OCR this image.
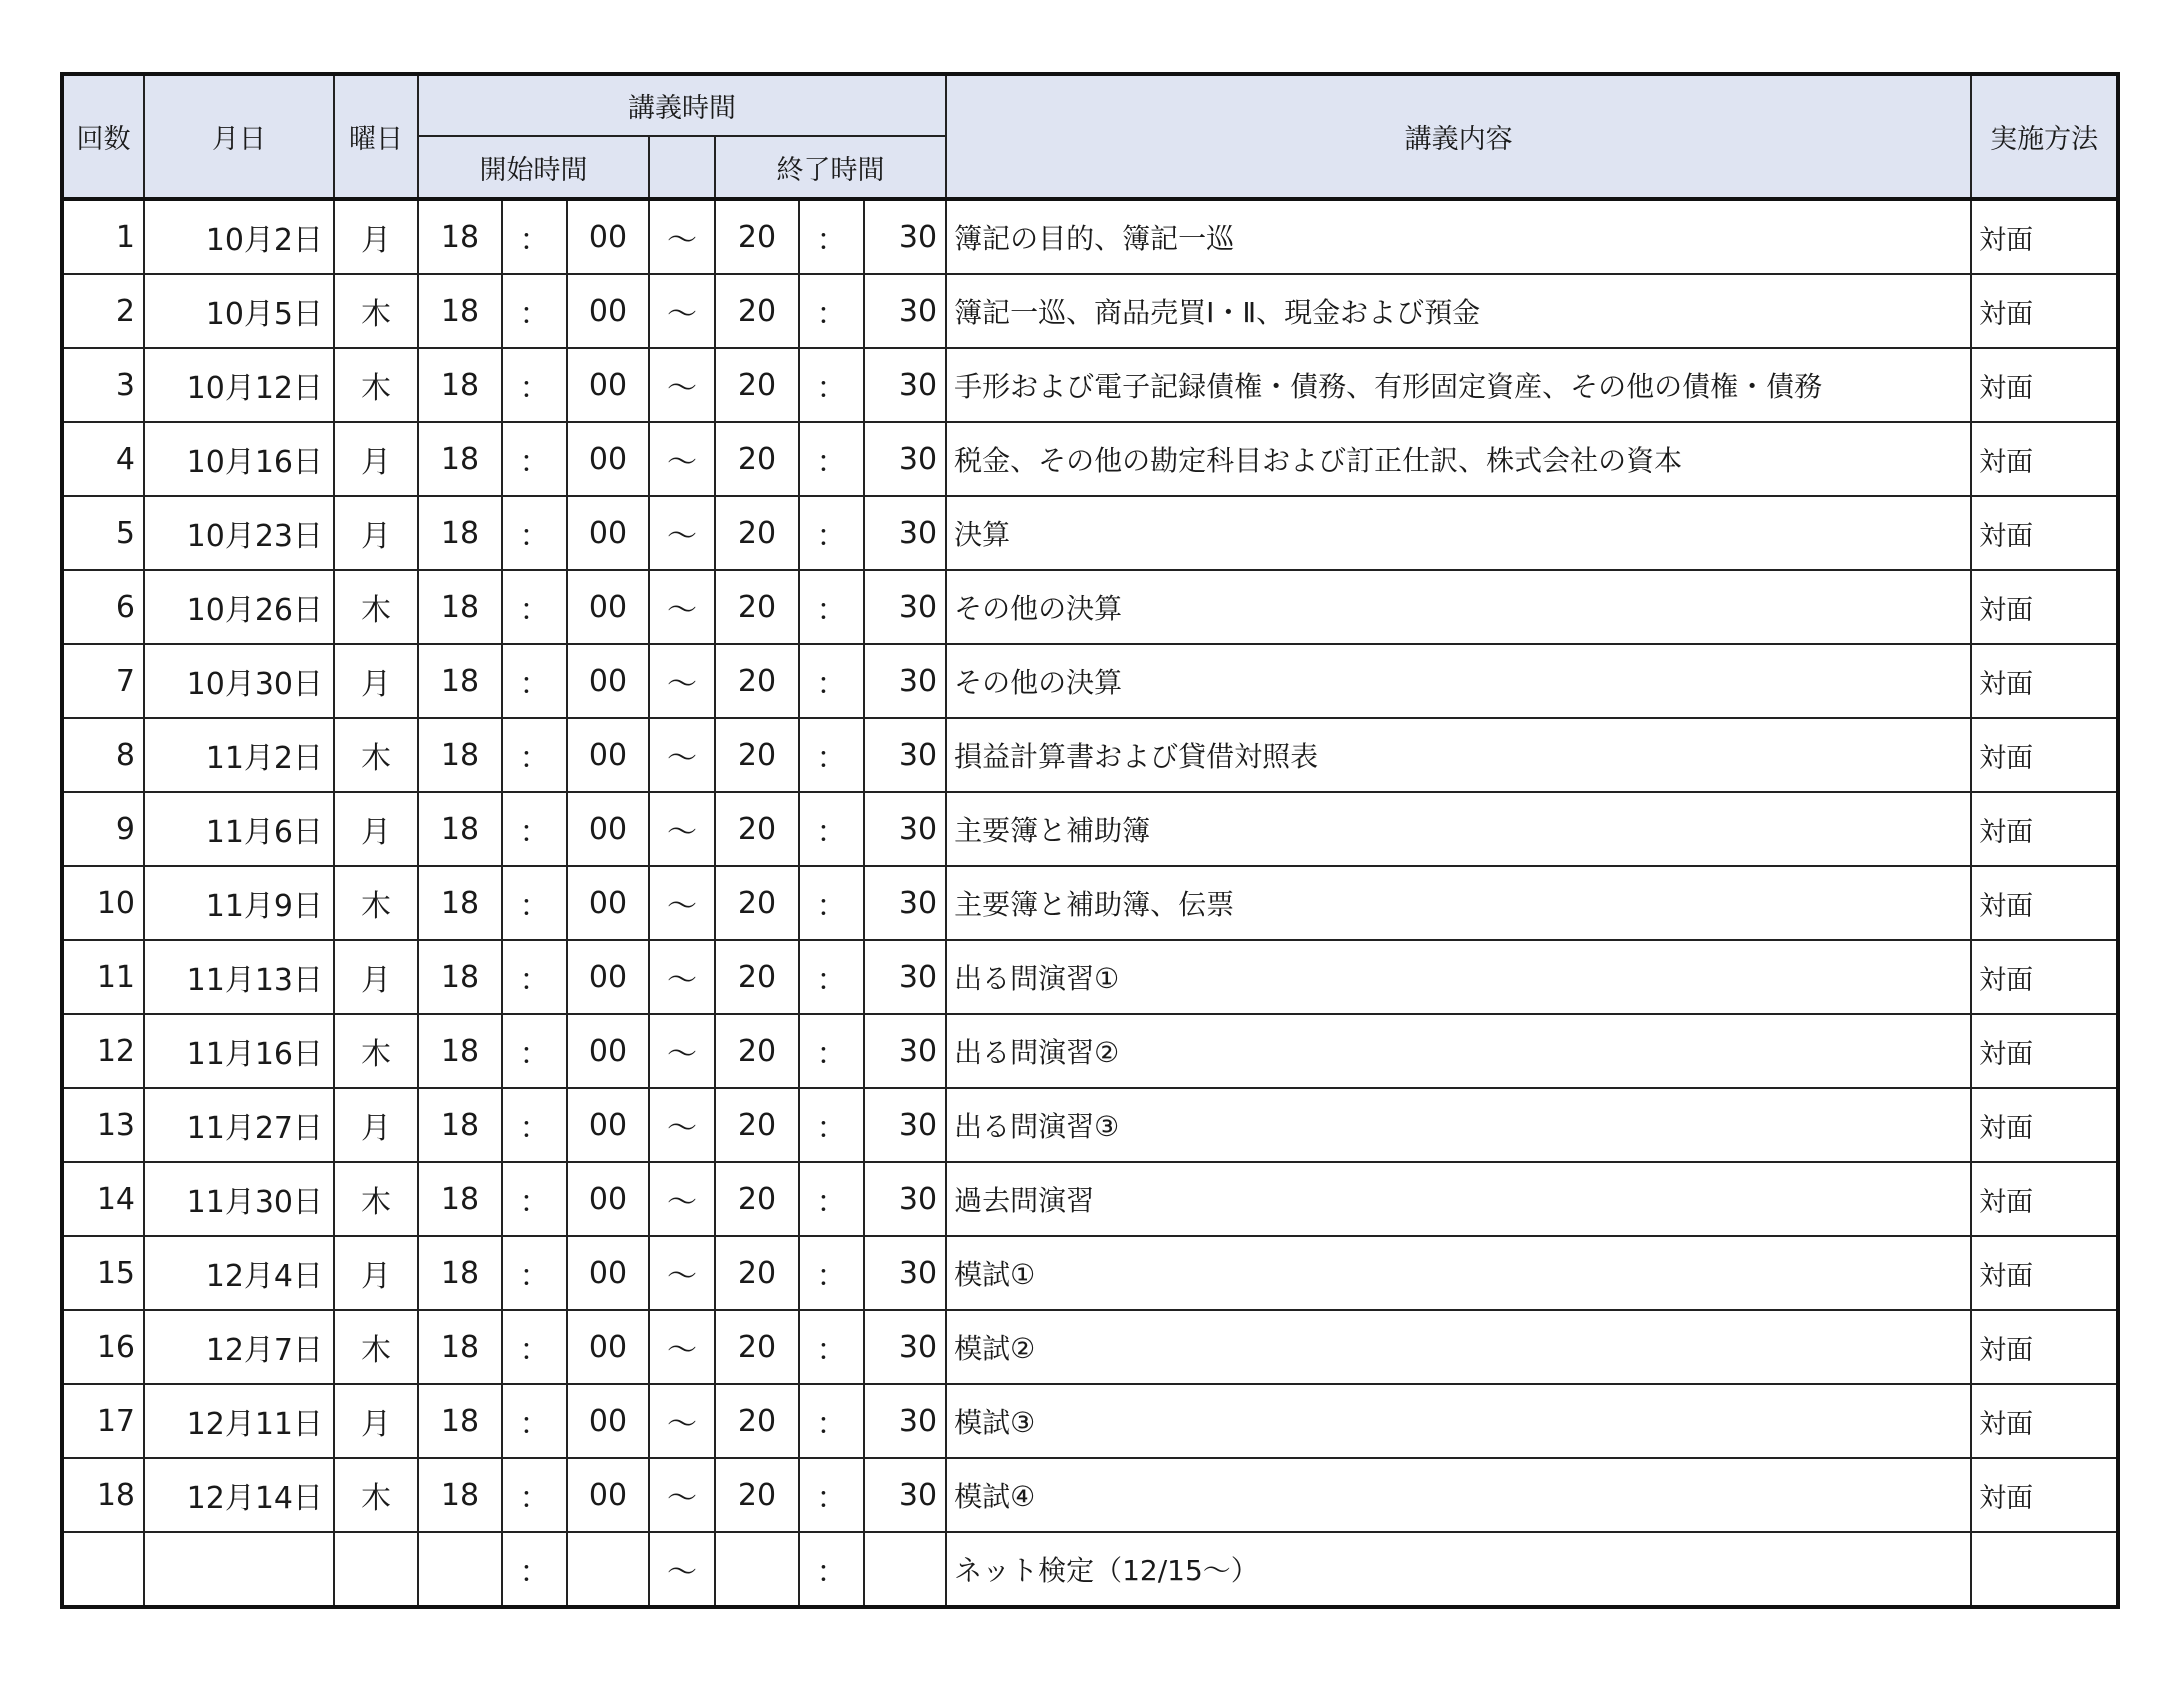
回数	月日	曜日	講義時間							講義内容	実施方法
			開始時間				終了時間				
1	10月2日	月	18	：	00	～	20	：	30	簿記の目的、簿記一巡	対面
2	10月5日	木	18	：	00	～	20	：	30	簿記一巡、商品売買Ⅰ・Ⅱ、現金および預金	対面
3	10月12日	木	18	：	00	～	20	：	30	手形および電子記録債権・債務、有形固定資産、その他の債権・債務	対面
4	10月16日	月	18	：	00	～	20	：	30	税金、その他の勘定科目および訂正仕訳、株式会社の資本	対面
5	10月23日	月	18	：	00	～	20	：	30	決算	対面
6	10月26日	木	18	：	00	～	20	：	30	その他の決算	対面
7	10月30日	月	18	：	00	～	20	：	30	その他の決算	対面
8	11月2日	木	18	：	00	～	20	：	30	損益計算書および貸借対照表	対面
9	11月6日	月	18	：	00	～	20	：	30	主要簿と補助簿	対面
10	11月9日	木	18	：	00	～	20	：	30	主要簿と補助簿、伝票	対面
11	11月13日	月	18	：	00	～	20	：	30	出る問演習①	対面
12	11月16日	木	18	：	00	～	20	：	30	出る問演習②	対面
13	11月27日	月	18	：	00	～	20	：	30	出る問演習③	対面
14	11月30日	木	18	：	00	～	20	：	30	過去問演習	対面
15	12月4日	月	18	：	00	～	20	：	30	模試①	対面
16	12月7日	木	18	：	00	～	20	：	30	模試②	対面
17	12月11日	月	18	：	00	～	20	：	30	模試③	対面
18	12月14日	木	18	：	00	～	20	：	30	模試④	対面
				：		～		：		ネット検定（12/15～）	
